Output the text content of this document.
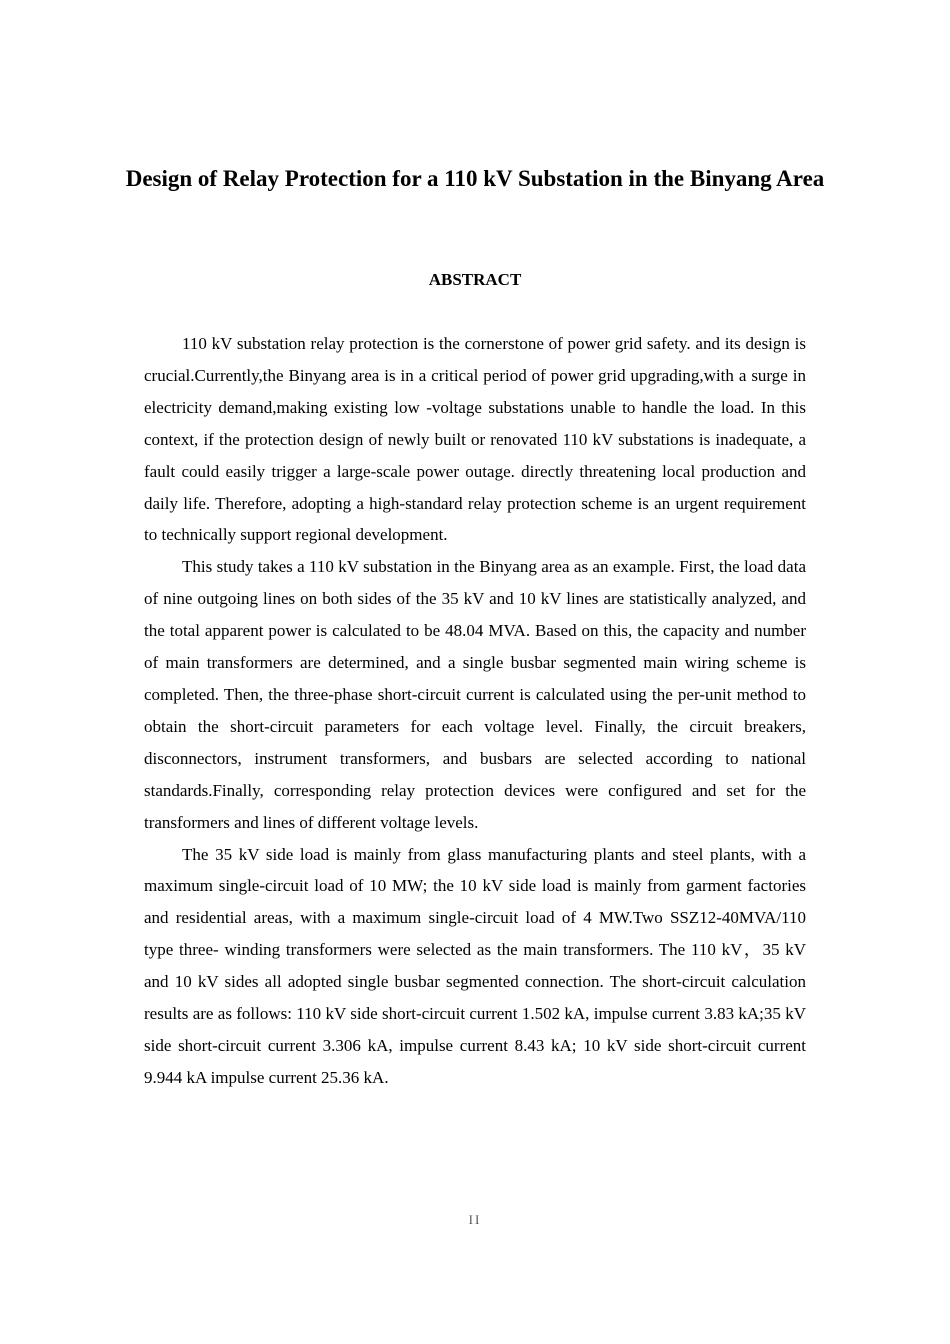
Design of Relay Protection for a 110 kV Substation in the Binyang Area
ABSTRACT

110 kV substation relay protection is the cornerstone of power grid safety. and its design is crucial.Currently,the Binyang area is in a critical period of power grid upgrading,with a surge in electricity demand,making existing low -voltage substations unable to handle the load. In this context, if the protection design of newly built or renovated 110 kV substations is inadequate, a fault could easily trigger a large-scale power outage. directly threatening local production and daily life. Therefore, adopting a high-standard relay protection scheme is an urgent requirement to technically support regional development.

This study takes a 110 kV substation in the Binyang area as an example. First, the load data of nine outgoing lines on both sides of the 35 kV and 10 kV lines are statistically analyzed, and the total apparent power is calculated to be 48.04 MVA. Based on this, the capacity and number of main transformers are determined, and a single busbar segmented main wiring scheme is completed. Then, the three-phase short-circuit current is calculated using the per-unit method to obtain the short-circuit parameters for each voltage level. Finally, the circuit breakers, disconnectors, instrument transformers, and busbars are selected according to national standards.Finally, corresponding relay protection devices were configured and set for the transformers and lines of different voltage levels.

The 35 kV side load is mainly from glass manufacturing plants and steel plants, with a maximum single-circuit load of 10 MW; the 10 kV side load is mainly from garment factories and residential areas, with a maximum single-circuit load of 4 MW.Two SSZ12-40MVA/110 type three- winding transformers were selected as the main transformers. The 110 kV，35 kV and 10 kV sides all adopted single busbar segmented connection. The short-circuit calculation results are as follows: 110 kV side short-circuit current 1.502 kA, impulse current 3.83 kA;35 kV side short-circuit current 3.306 kA, impulse current 8.43 kA; 10 kV side short-circuit current 9.944 kA impulse current 25.36 kA.

II
